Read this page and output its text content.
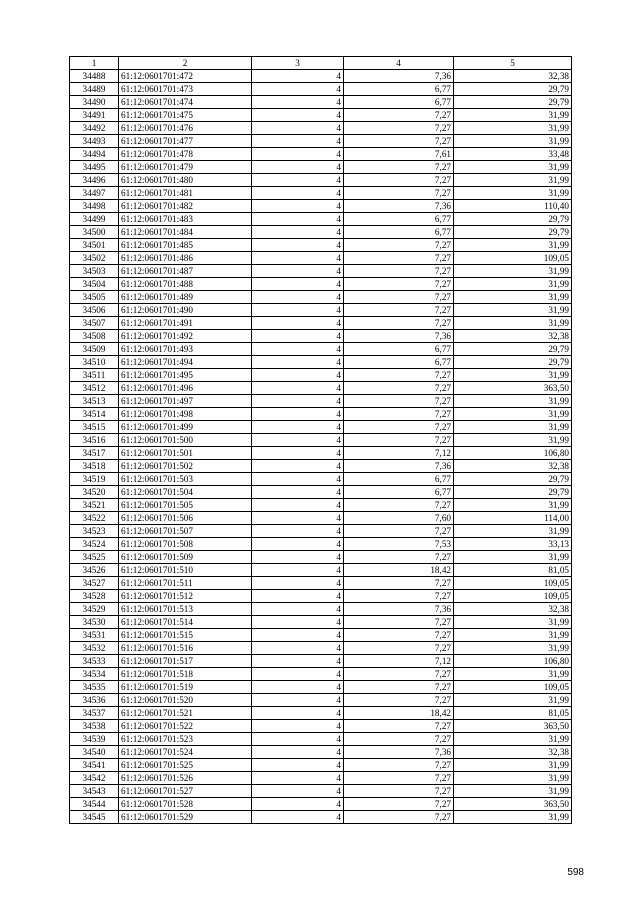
1	2	3	4	5
34488	61:12:0601701:472	4	7,36	32,38
34489	61:12:0601701:473	4	6,77	29,79
34490	61:12:0601701:474	4	6,77	29,79
34491	61:12:0601701:475	4	7,27	31,99
34492	61:12:0601701:476	4	7,27	31,99
34493	61:12:0601701:477	4	7,27	31,99
34494	61:12:0601701:478	4	7,61	33,48
34495	61:12:0601701:479	4	7,27	31,99
34496	61:12:0601701:480	4	7,27	31,99
34497	61:12:0601701:481	4	7,27	31,99
34498	61:12:0601701:482	4	7,36	110,40
34499	61:12:0601701:483	4	6,77	29,79
34500	61:12:0601701:484	4	6,77	29,79
34501	61:12:0601701:485	4	7,27	31,99
34502	61:12:0601701:486	4	7,27	109,05
34503	61:12:0601701:487	4	7,27	31,99
34504	61:12:0601701:488	4	7,27	31,99
34505	61:12:0601701:489	4	7,27	31,99
34506	61:12:0601701:490	4	7,27	31,99
34507	61:12:0601701:491	4	7,27	31,99
34508	61:12:0601701:492	4	7,36	32,38
34509	61:12:0601701:493	4	6,77	29,79
34510	61:12:0601701:494	4	6,77	29,79
34511	61:12:0601701:495	4	7,27	31,99
34512	61:12:0601701:496	4	7,27	363,50
34513	61:12:0601701:497	4	7,27	31,99
34514	61:12:0601701:498	4	7,27	31,99
34515	61:12:0601701:499	4	7,27	31,99
34516	61:12:0601701:500	4	7,27	31,99
34517	61:12:0601701:501	4	7,12	106,80
34518	61:12:0601701:502	4	7,36	32,38
34519	61:12:0601701:503	4	6,77	29,79
34520	61:12:0601701:504	4	6,77	29,79
34521	61:12:0601701:505	4	7,27	31,99
34522	61:12:0601701:506	4	7,60	114,00
34523	61:12:0601701:507	4	7,27	31,99
34524	61:12:0601701:508	4	7,53	33,13
34525	61:12:0601701:509	4	7,27	31,99
34526	61:12:0601701:510	4	18,42	81,05
34527	61:12:0601701:511	4	7,27	109,05
34528	61:12:0601701:512	4	7,27	109,05
34529	61:12:0601701:513	4	7,36	32,38
34530	61:12:0601701:514	4	7,27	31,99
34531	61:12:0601701:515	4	7,27	31,99
34532	61:12:0601701:516	4	7,27	31,99
34533	61:12:0601701:517	4	7,12	106,80
34534	61:12:0601701:518	4	7,27	31,99
34535	61:12:0601701:519	4	7,27	109,05
34536	61:12:0601701:520	4	7,27	31,99
34537	61:12:0601701:521	4	18,42	81,05
34538	61:12:0601701:522	4	7,27	363,50
34539	61:12:0601701:523	4	7,27	31,99
34540	61:12:0601701:524	4	7,36	32,38
34541	61:12:0601701:525	4	7,27	31,99
34542	61:12:0601701:526	4	7,27	31,99
34543	61:12:0601701:527	4	7,27	31,99
34544	61:12:0601701:528	4	7,27	363,50
34545	61:12:0601701:529	4	7,27	31,99
598
